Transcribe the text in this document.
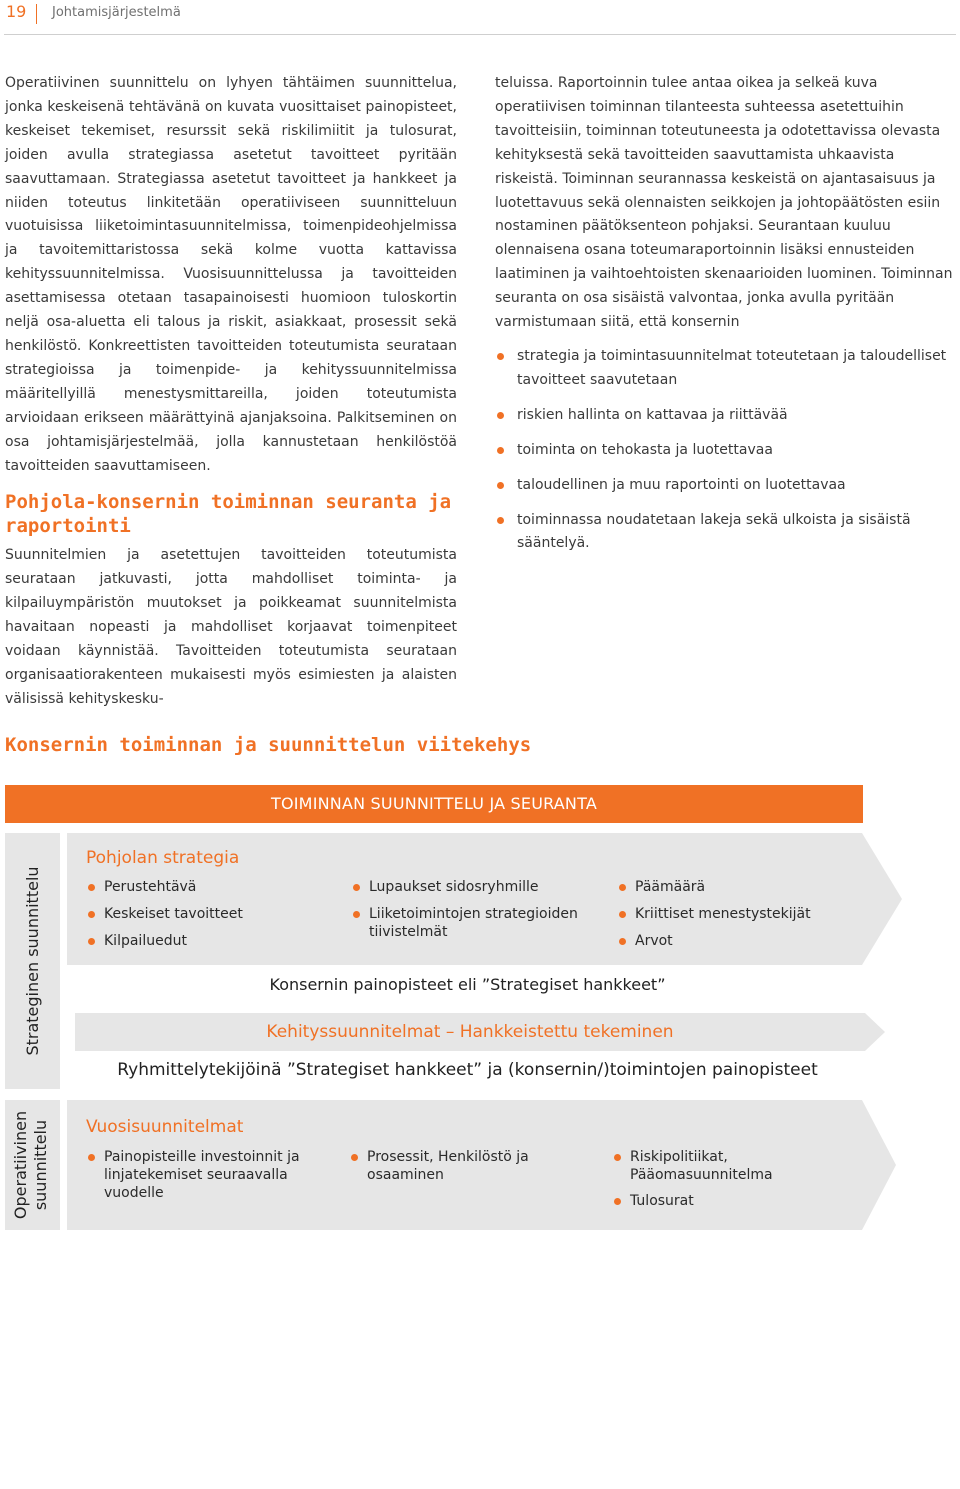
19 Johtamisjärjestelmä

Operatiivinen suunnittelu on lyhyen tähtäimen suunnittelua, jonka keskeisenä tehtävänä on kuvata vuosittaiset painopisteet, keskeiset tekemiset, resurssit sekä riskilimiitit ja tulosurat, joiden avulla strategiassa asetetut tavoitteet pyritään saavuttamaan. Strategiassa asetetut tavoitteet ja hankkeet ja niiden toteutus linkitetään operatiiviseen suunnitteluun vuotuisissa liiketoimintasuunnitelmissa, toimenpideohjelmissa ja tavoitemittaristossa sekä kolme vuotta kattavissa kehityssuunnitelmissa. Vuosisuunnittelussa ja tavoitteiden asettamisessa otetaan tasapainoisesti huomioon tuloskortin neljä osa-aluetta eli talous ja riskit, asiakkaat, prosessit sekä henkilöstö. Konkreettisten tavoitteiden toteutumista seurataan strategioissa ja toimenpide- ja kehityssuunnitelmissa määritellyillä menestysmittareilla, joiden toteutumista arvioidaan erikseen määrättyinä ajanjaksoina. Palkitseminen on osa johtamisjärjestelmää, jolla kannustetaan henkilöstöä tavoitteiden saavuttamiseen.

Pohjola-konsernin toiminnan seuranta ja raportointi

Suunnitelmien ja asetettujen tavoitteiden toteutumista seurataan jatkuvasti, jotta mahdolliset toiminta- ja kilpailuympäristön muutokset ja poikkeamat suunnitelmista havaitaan nopeasti ja mahdolliset korjaavat toimenpiteet voidaan käynnistää. Tavoitteiden toteutumista seurataan organisaatiorakenteen mukaisesti myös esimiesten ja alaisten välisissä kehityskesku-

teluissa. Raportoinnin tulee antaa oikea ja selkeä kuva operatiivisen toiminnan tilanteesta suhteessa asetettuihin tavoitteisiin, toiminnan toteutuneesta ja odotettavissa olevasta kehityksestä sekä tavoitteiden saavuttamista uhkaavista riskeistä. Toiminnan seurannassa keskeistä on ajantasaisuus ja luotettavuus sekä olennaisten seikkojen ja johtopäätösten esiin nostaminen päätöksenteon pohjaksi. Seurantaan kuuluu olennaisena osana toteumaraportoinnin lisäksi ennusteiden laatiminen ja vaihtoehtoisten skenaarioiden luominen. Toiminnan seuranta on osa sisäistä valvontaa, jonka avulla pyritään varmistumaan siitä, että konsernin

strategia ja toimintasuunnitelmat toteutetaan ja taloudelliset tavoitteet saavutetaan
riskien hallinta on kattavaa ja riittävää
toiminta on tehokasta ja luotettavaa
taloudellinen ja muu raportointi on luotettavaa
toiminnassa noudatetaan lakeja sekä ulkoista ja sisäistä sääntelyä.
Konsernin toiminnan ja suunnittelun viitekehys
TOIMINNAN SUUNNITTELU JA SEURANTA
Strateginen suunnittelu
Operatiivinen
suunnittelu
Pohjolan strategia
Perustehtävä
Keskeiset tavoitteet
Kilpailuedut
Lupaukset sidosryhmille
Liiketoimintojen strategioiden tiivistelmät
Päämäärä
Kriittiset menestystekijät
Arvot
Konsernin painopisteet eli ”Strategiset hankkeet”
Kehityssuunnitelmat – Hankkeistettu tekeminen
Ryhmittelytekijöinä ”Strategiset hankkeet” ja (konsernin/)toimintojen painopisteet
Vuosisuunnitelmat
Painopisteille investoinnit ja linjatekemiset seuraavalla vuodelle
Prosessit, Henkilöstö ja osaaminen
Riskipolitiikat, Pääomasuunnitelma
Tulosurat
